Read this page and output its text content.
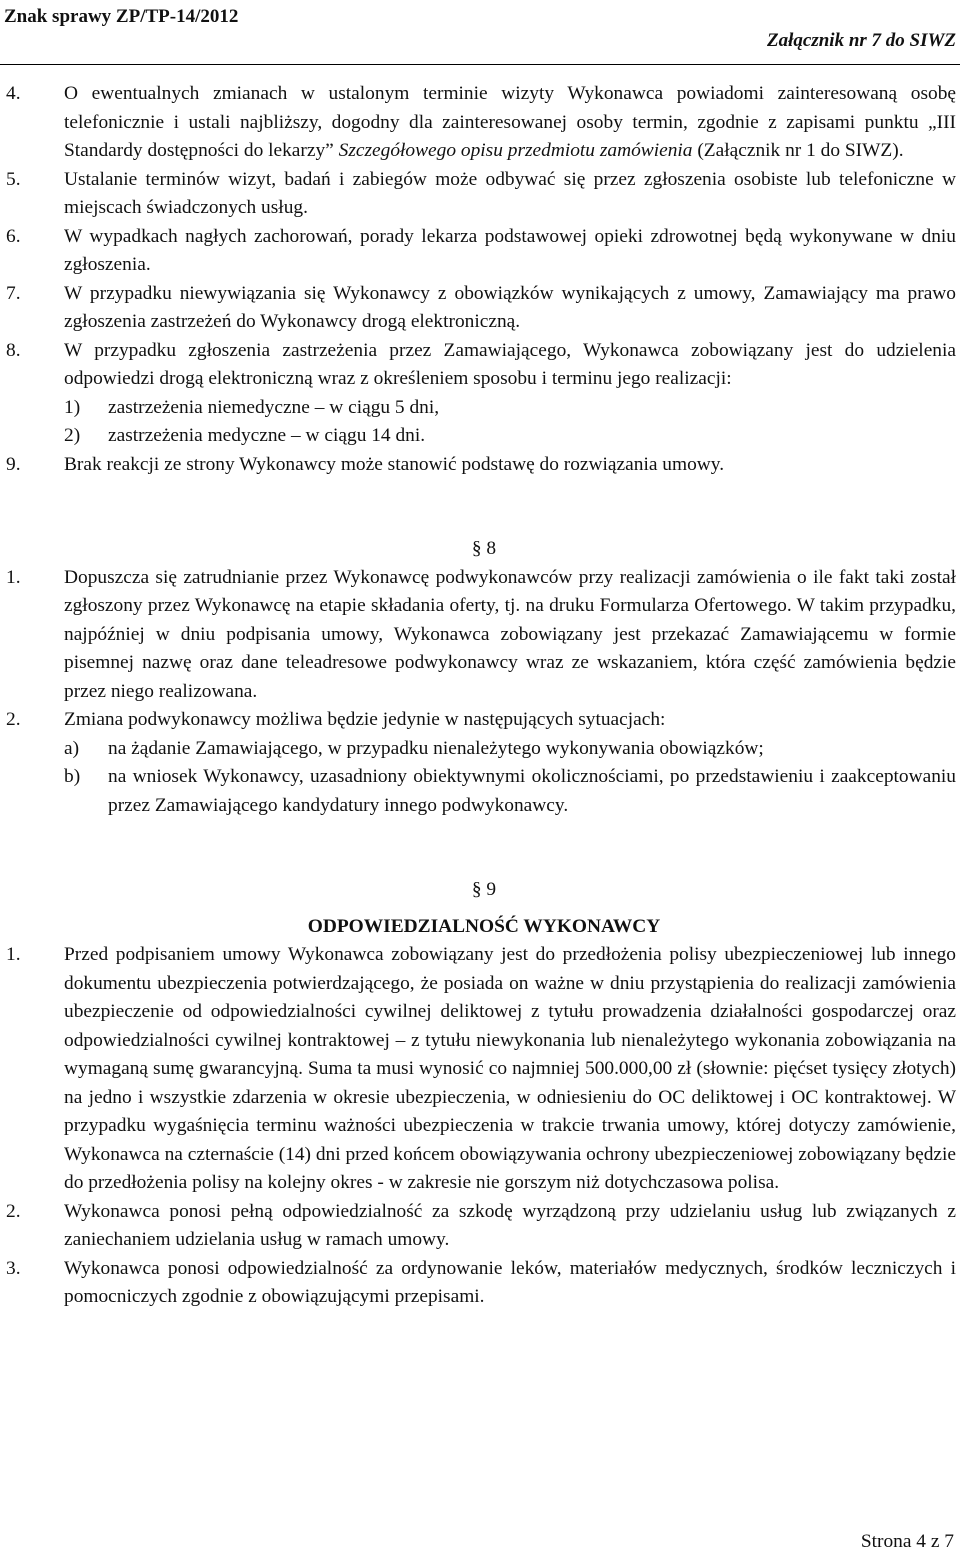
Znak sprawy ZP/TP-14/2012
Załącznik nr 7 do SIWZ
4.	O ewentualnych zmianach w ustalonym terminie wizyty Wykonawca powiadomi zainteresowaną osobę telefonicznie i ustali najbliższy, dogodny dla zainteresowanej osoby termin, zgodnie z zapisami punktu „III Standardy dostępności do lekarzy” Szczegółowego opisu przedmiotu zamówienia (Załącznik nr 1 do SIWZ).
5.	Ustalanie terminów wizyt, badań i zabiegów może odbywać się przez zgłoszenia osobiste lub telefoniczne w miejscach świadczonych usług.
6.	W wypadkach nagłych zachorowań, porady lekarza podstawowej opieki zdrowotnej będą wykonywane w dniu zgłoszenia.
7.	W przypadku niewywiązania się Wykonawcy z obowiązków wynikających z umowy, Zamawiający ma prawo zgłoszenia zastrzeżeń do Wykonawcy drogą elektroniczną.
8.	W przypadku zgłoszenia zastrzeżenia przez Zamawiającego, Wykonawca zobowiązany jest do udzielenia odpowiedzi drogą elektroniczną wraz z określeniem sposobu i terminu jego realizacji:
1)	zastrzeżenia niemedyczne – w ciągu 5 dni,
2)	zastrzeżenia medyczne – w ciągu 14 dni.
9.	Brak reakcji ze strony Wykonawcy może stanowić podstawę do rozwiązania umowy.
§ 8
1.	Dopuszcza się zatrudnianie przez Wykonawcę podwykonawców przy realizacji zamówienia o ile fakt taki został zgłoszony przez Wykonawcę na etapie składania oferty, tj. na druku Formularza Ofertowego. W takim przypadku, najpóźniej w dniu podpisania umowy, Wykonawca zobowiązany jest przekazać Zamawiającemu w formie pisemnej nazwę oraz dane teleadresowe podwykonawcy wraz ze wskazaniem, która część zamówienia będzie przez niego realizowana.
2.	Zmiana podwykonawcy możliwa będzie jedynie w następujących sytuacjach:
a)	na żądanie Zamawiającego, w przypadku nienależytego wykonywania obowiązków;
b)	na wniosek Wykonawcy, uzasadniony obiektywnymi okolicznościami, po przedstawieniu i zaakceptowaniu przez Zamawiającego kandydatury innego podwykonawcy.
§ 9
ODPOWIEDZIALNOŚĆ WYKONAWCY
1.	Przed podpisaniem umowy Wykonawca zobowiązany jest do przedłożenia polisy ubezpieczeniowej lub innego dokumentu ubezpieczenia potwierdzającego, że posiada on ważne w dniu przystąpienia do realizacji zamówienia ubezpieczenie od odpowiedzialności cywilnej deliktowej z tytułu prowadzenia działalności gospodarczej oraz odpowiedzialności cywilnej kontraktowej – z tytułu niewykonania lub nienależytego wykonania zobowiązania na wymaganą sumę gwarancyjną. Suma ta musi wynosić co najmniej 500.000,00 zł (słownie: pięćset tysięcy złotych) na jedno i wszystkie zdarzenia w okresie ubezpieczenia, w odniesieniu do OC deliktowej i OC kontraktowej. W przypadku wygaśnięcia terminu ważności ubezpieczenia w trakcie trwania umowy, której dotyczy zamówienie, Wykonawca na czternaście (14) dni przed końcem obowiązywania ochrony ubezpieczeniowej zobowiązany będzie do przedłożenia polisy na kolejny okres - w zakresie nie gorszym niż dotychczasowa polisa.
2.	Wykonawca ponosi pełną odpowiedzialność za szkodę wyrządzoną przy udzielaniu usług lub związanych z zaniechaniem udzielania usług w ramach umowy.
3.	Wykonawca ponosi odpowiedzialność za ordynowanie leków, materiałów medycznych, środków leczniczych i pomocniczych zgodnie z obowiązującymi przepisami.
Strona 4 z 7
